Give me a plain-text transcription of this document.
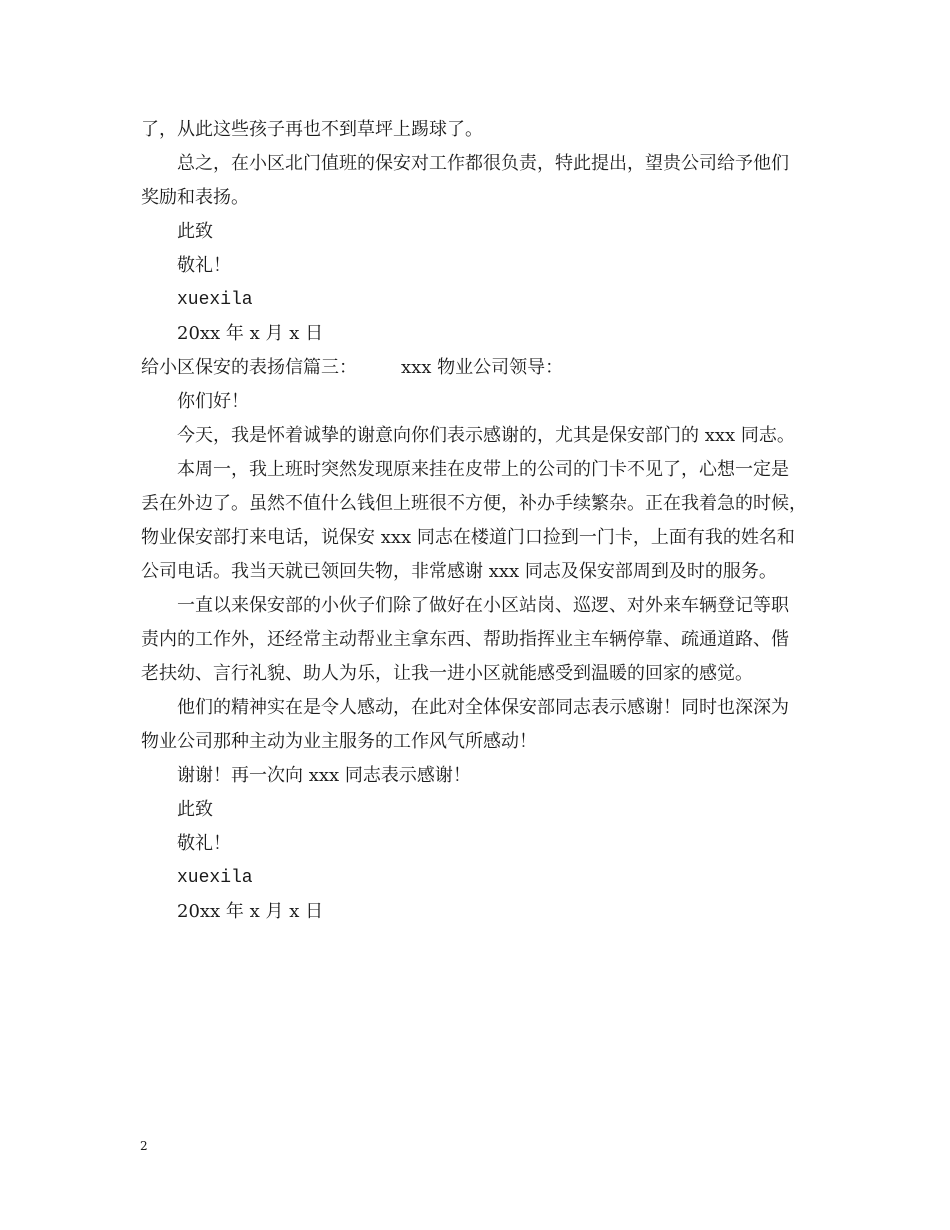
了，从此这些孩子再也不到草坪上踢球了。
总之，在小区北门值班的保安对工作都很负责，特此提出，望贵公司给予他们
奖励和表扬。
此致
敬礼！
xuexila
20xx 年 x 月 x 日
给小区保安的表扬信篇三： xxx 物业公司领导：
你们好！
今天，我是怀着诚挚的谢意向你们表示感谢的，尤其是保安部门的 xxx 同志。
本周一，我上班时突然发现原来挂在皮带上的公司的门卡不见了，心想一定是
丢在外边了。虽然不值什么钱但上班很不方便，补办手续繁杂。正在我着急的时候，
物业保安部打来电话，说保安 xxx 同志在楼道门口捡到一门卡，上面有我的姓名和
公司电话。我当天就已领回失物，非常感谢 xxx 同志及保安部周到及时的服务。
一直以来保安部的小伙子们除了做好在小区站岗、巡逻、对外来车辆登记等职
责内的工作外，还经常主动帮业主拿东西、帮助指挥业主车辆停靠、疏通道路、偕
老扶幼、言行礼貌、助人为乐，让我一进小区就能感受到温暖的回家的感觉。
他们的精神实在是令人感动，在此对全体保安部同志表示感谢！同时也深深为
物业公司那种主动为业主服务的工作风气所感动！
谢谢！再一次向 xxx 同志表示感谢！
此致
敬礼！
xuexila
20xx 年 x 月 x 日
2
